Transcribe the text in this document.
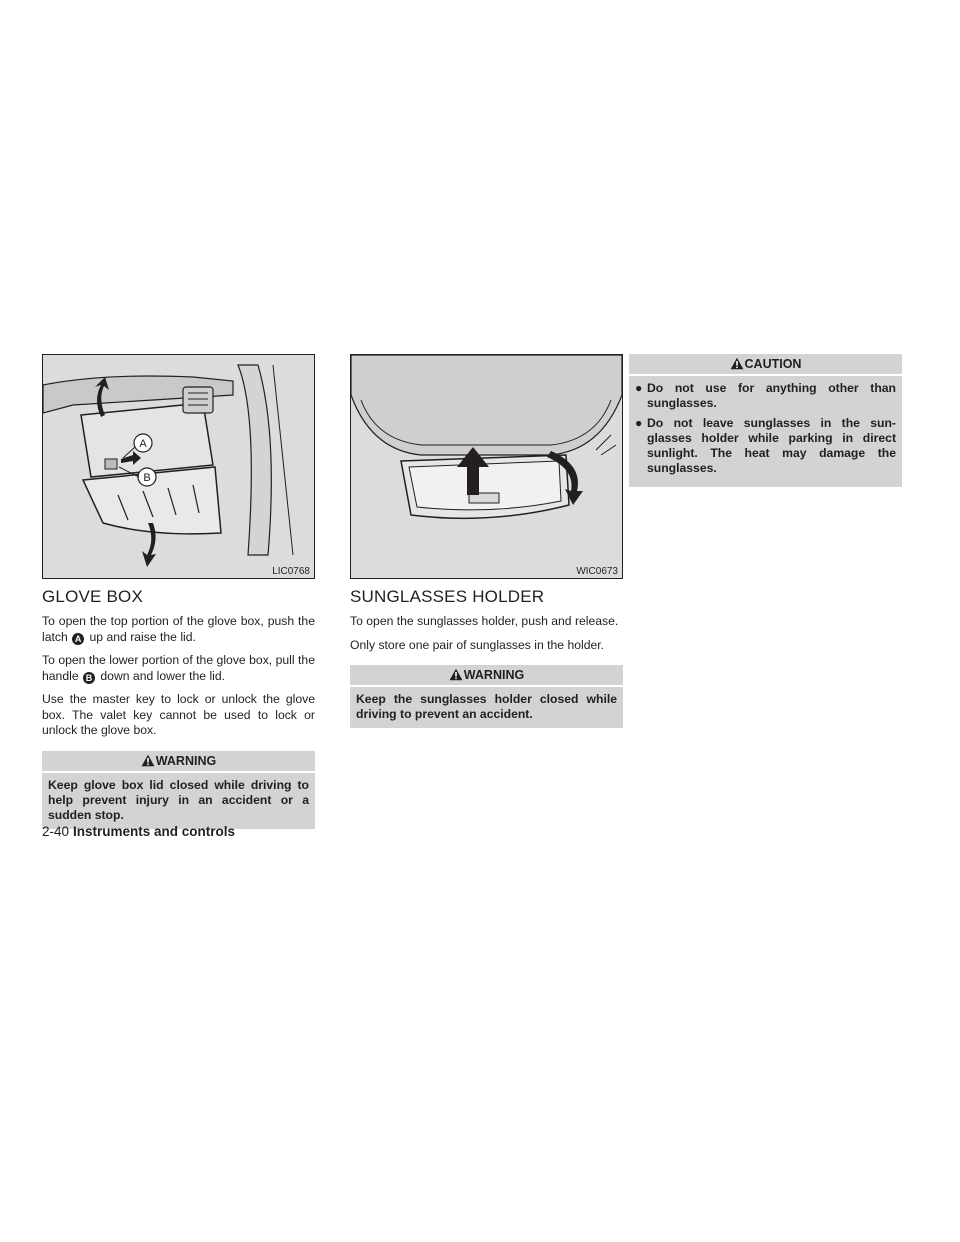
A
B
LIC0768
GLOVE BOX

To open the top portion of the glove box, push the latch A up and raise the lid.

To open the lower portion of the glove box, pull the handle B down and lower the lid.

Use the master key to lock or unlock the glove box. The valet key cannot be used to lock or unlock the glove box.

WARNING
Keep glove box lid closed while driving to help prevent injury in an accident or a sudden stop.
WIC0673
SUNGLASSES HOLDER

To open the sunglasses holder, push and release.

Only store one pair of sunglasses in the holder.

WARNING
Keep the sunglasses holder closed while driving to prevent an accident.
CAUTION
● Do not use for anything other than sunglasses.
● Do not leave sunglasses in the sun-glasses holder while parking in direct sunlight. The heat may damage the sunglasses.
2-40 Instruments and controls
